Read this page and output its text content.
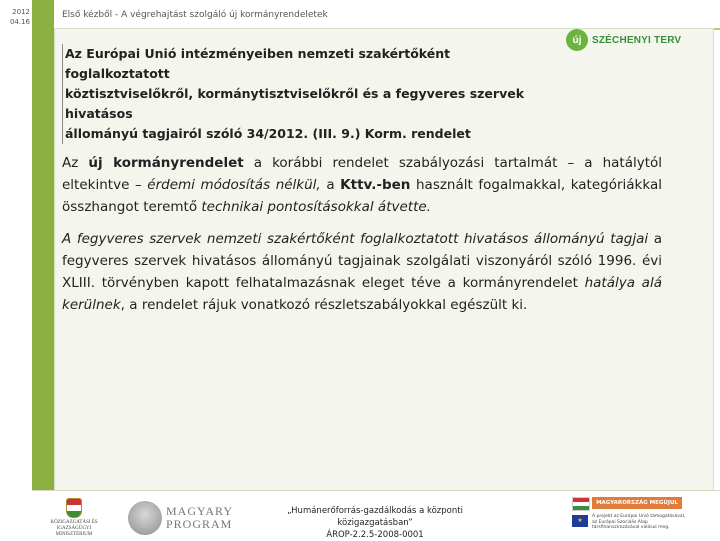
2012
04.16
Első kézből - A végrehajtást szolgáló új kormányrendeletek
új	SZÉCHENYI TERV
Az Európai Unió intézményeiben nemzeti szakértőként foglalkoztatott
köztisztviselőkről, kormánytisztviselőkről és a fegyveres szervek hivatásos
állományú tagjairól szóló 34/2012. (III. 9.) Korm. rendelet
Az új kormányrendelet a korábbi rendelet szabályozási tartalmát – a hatálytól eltekintve – érdemi módosítás nélkül, a Kttv.-ben használt fogalmakkal, kategóriákkal összhangot teremtő technikai pontosításokkal átvette.
A fegyveres szervek nemzeti szakértőként foglalkoztatott hivatásos állományú tagjai a fegyveres szervek hivatásos állományú tagjainak szolgálati viszonyáról szóló 1996. évi XLIII. törvényben kapott felhatalmazásnak eleget téve a kormányrendelet hatálya alá kerülnek, a rendelet rájuk vonatkozó részletszabályokkal egészült ki.
KÖZIGAZGATÁSI ÉS IGAZSÁGÜGYI MINISZTÉRIUM
MAGYARY
PROGRAM
„Humánerőforrás-gazdálkodás a központi közigazgatásban”
ÁROP-2.2.5-2008-0001
★
MAGYARORSZÁG MEGÚJUL
A projekt az Európai Unió támogatásával, az Európai Szociális Alap társfinanszírozásával valósul meg.
